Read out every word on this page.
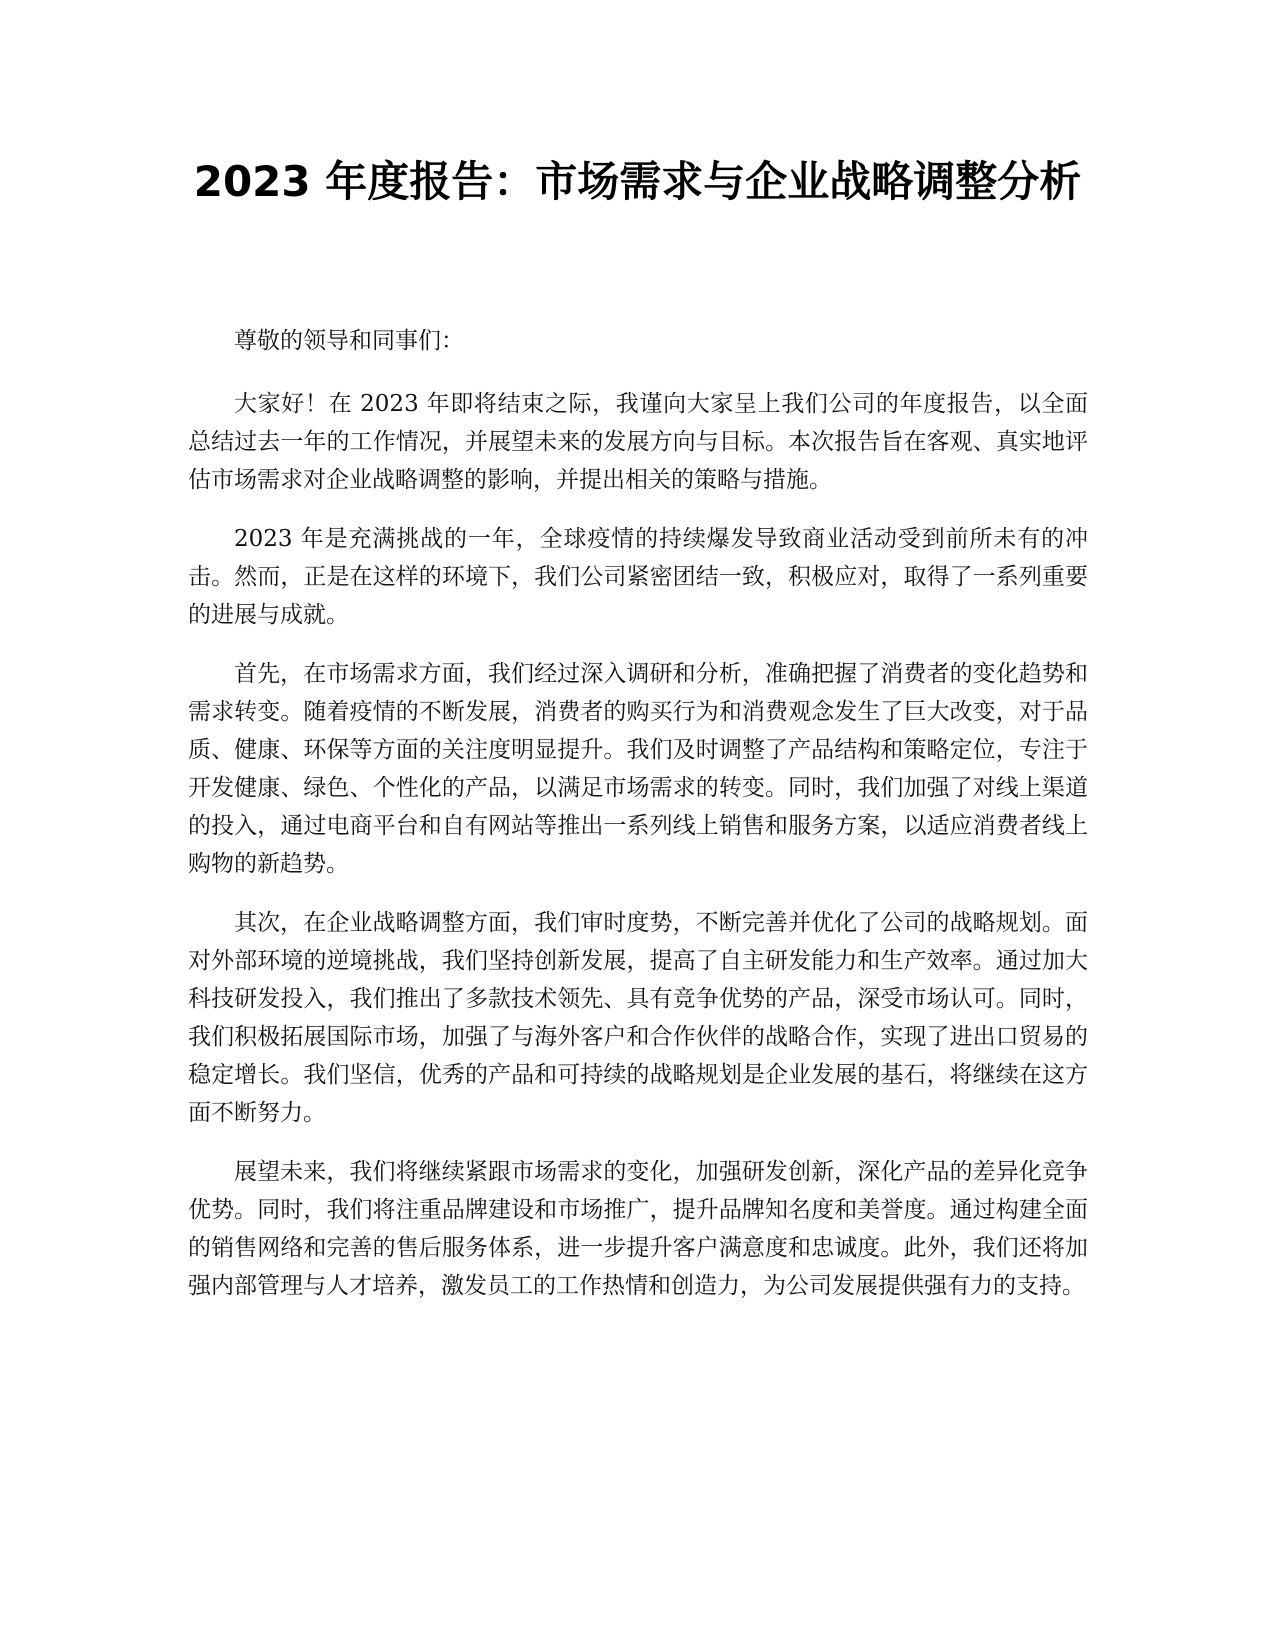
2023 年度报告：市场需求与企业战略调整分析

尊敬的领导和同事们：

大家好！在 2023 年即将结束之际，我谨向大家呈上我们公司的年度报告，以全面总结过去一年的工作情况，并展望未来的发展方向与目标。本次报告旨在客观、真实地评估市场需求对企业战略调整的影响，并提出相关的策略与措施。

2023 年是充满挑战的一年，全球疫情的持续爆发导致商业活动受到前所未有的冲击。然而，正是在这样的环境下，我们公司紧密团结一致，积极应对，取得了一系列重要的进展与成就。

首先，在市场需求方面，我们经过深入调研和分析，准确把握了消费者的变化趋势和需求转变。随着疫情的不断发展，消费者的购买行为和消费观念发生了巨大改变，对于品质、健康、环保等方面的关注度明显提升。我们及时调整了产品结构和策略定位，专注于开发健康、绿色、个性化的产品，以满足市场需求的转变。同时，我们加强了对线上渠道的投入，通过电商平台和自有网站等推出一系列线上销售和服务方案，以适应消费者线上购物的新趋势。

其次，在企业战略调整方面，我们审时度势，不断完善并优化了公司的战略规划。面对外部环境的逆境挑战，我们坚持创新发展，提高了自主研发能力和生产效率。通过加大科技研发投入，我们推出了多款技术领先、具有竞争优势的产品，深受市场认可。同时，我们积极拓展国际市场，加强了与海外客户和合作伙伴的战略合作，实现了进出口贸易的稳定增长。我们坚信，优秀的产品和可持续的战略规划是企业发展的基石，将继续在这方面不断努力。

展望未来，我们将继续紧跟市场需求的变化，加强研发创新，深化产品的差异化竞争优势。同时，我们将注重品牌建设和市场推广，提升品牌知名度和美誉度。通过构建全面的销售网络和完善的售后服务体系，进一步提升客户满意度和忠诚度。此外，我们还将加强内部管理与人才培养，激发员工的工作热情和创造力，为公司发展提供强有力的支持。
